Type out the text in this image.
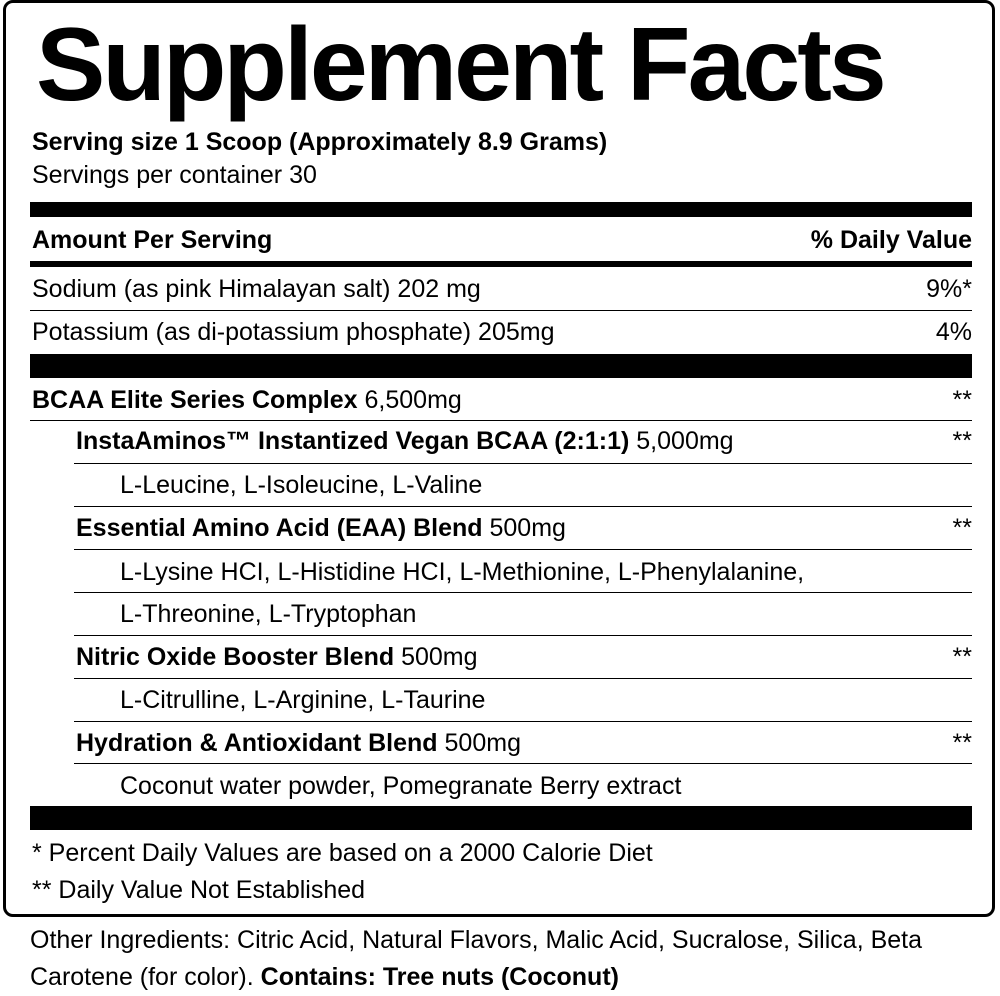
Supplement Facts
Serving size 1 Scoop (Approximately 8.9 Grams)
Servings per container 30
Amount Per Serving	% Daily Value
Sodium (as pink Himalayan salt) 202 mg	9%*
Potassium (as di-potassium phosphate) 205mg	4%
BCAA Elite Series Complex 6,500mg	**
InstaAminos™ Instantized Vegan BCAA (2:1:1) 5,000mg	**
L-Leucine, L-Isoleucine, L-Valine
Essential Amino Acid (EAA) Blend 500mg	**
L-Lysine HCI, L-Histidine HCI, L-Methionine, L-Phenylalanine,
L-Threonine, L-Tryptophan
Nitric Oxide Booster Blend 500mg	**
L-Citrulline, L-Arginine, L-Taurine
Hydration & Antioxidant Blend 500mg	**
Coconut water powder, Pomegranate Berry extract
* Percent Daily Values are based on a 2000 Calorie Diet
** Daily Value Not Established
Other Ingredients: Citric Acid, Natural Flavors, Malic Acid, Sucralose, Silica, Beta Carotene (for color). Contains: Tree nuts (Coconut)
